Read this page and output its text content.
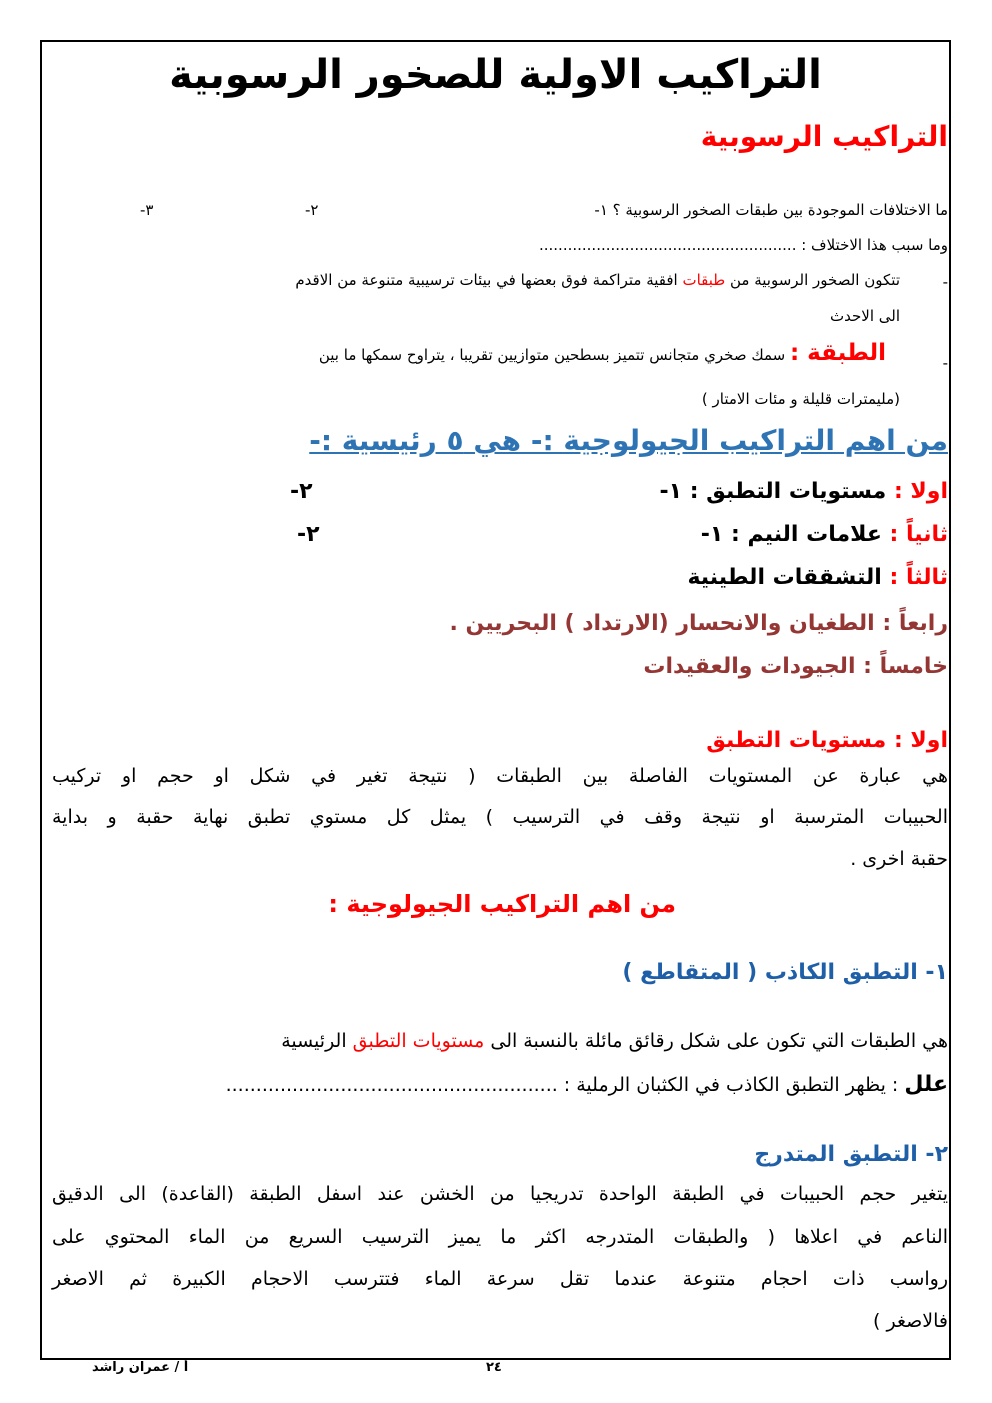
التراكيب الاولية للصخور الرسوبية
التراكيب الرسوبية
ما الاختلافات الموجودة بين طبقات الصخور الرسوبية ؟ ١-
٢-
٣-
وما سبب هذا الاختلاف : ......................................................
-
تتكون الصخور الرسوبية من طبقات افقية متراكمة فوق بعضها في بيئات ترسيبية متنوعة من الاقدم
الى الاحدث
-
الطبقة : سمك صخري متجانس تتميز بسطحين متوازيين تقريبا ، يتراوح سمكها ما بين
(مليمترات قليلة و مئات الامتار )
من اهم التراكيب الجيولوجية :- هي ٥ رئيسية :-
اولا : مستويات التطبق : ١-
٢-
ثانياً : علامات النيم : ١-
٢-
ثالثاً : التشققات الطينية
رابعاً : الطغيان والانحسار (الارتداد ) البحريين .
خامساً : الجيودات والعقيدات
اولا : مستويات التطبق
هي عبارة عن المستويات الفاصلة بين الطبقات ( نتيجة تغير في شكل او حجم او تركيب
الحبيبات المترسبة او نتيجة وقف في الترسيب ) يمثل كل مستوي تطبق نهاية حقبة و بداية
حقبة اخرى .
من اهم التراكيب الجيولوجية :
١- التطبق الكاذب ( المتقاطع )
هي الطبقات التي تكون على شكل رقائق مائلة بالنسبة الى مستويات التطبق الرئيسية
علل : يظهر التطبق الكاذب في الكثبان الرملية : .......................................................
٢- التطبق المتدرج
يتغير حجم الحبيبات في الطبقة الواحدة تدريجيا من الخشن عند اسفل الطبقة (القاعدة) الى الدقيق
الناعم في اعلاها ( والطبقات المتدرجه اكثر ما يميز الترسيب السريع من الماء المحتوي على
رواسب ذات احجام متنوعة عندما تقل سرعة الماء فتترسب الاحجام الكبيرة ثم الاصغر
فالاصغر )
٢٤
أ / عمران راشد
